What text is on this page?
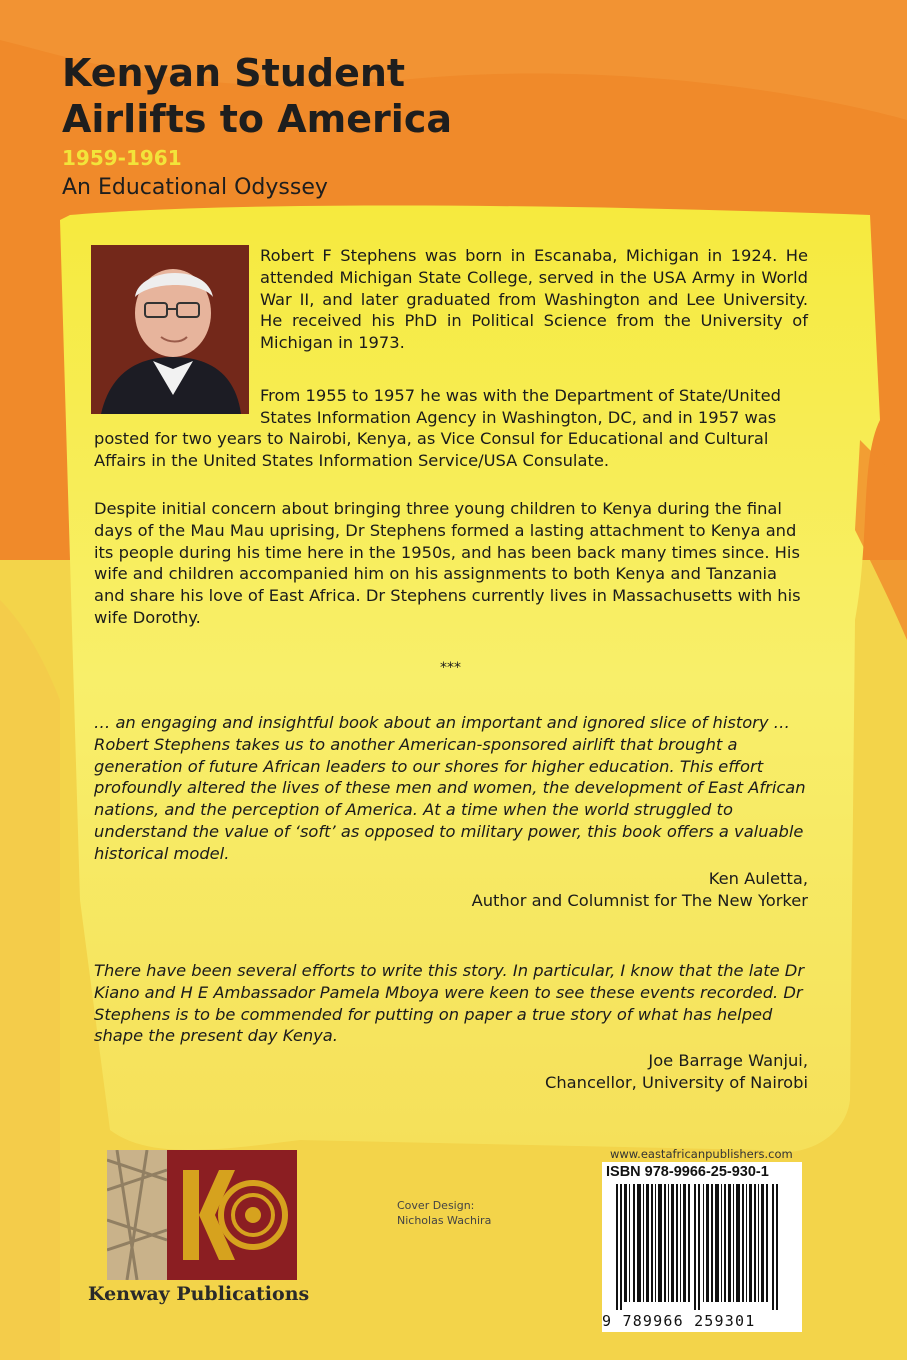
Kenyan Student
Airlifts to America
1959-1961
An Educational Odyssey

Robert F Stephens was born in Escanaba, Michigan in 1924. He attended Michigan State College, served in the USA Army in World War II, and later graduated from Washington and Lee University. He received his PhD in Political Science from the University of Michigan in 1973.

From 1955 to 1957 he was with the Department of State/United States Information Agency in Washington, DC, and in 1957 was

posted for two years to Nairobi, Kenya, as Vice Consul for Educational and Cultural Affairs in the United States Information Service/USA Consulate.

Despite initial concern about bringing three young children to Kenya during the final days of the Mau Mau uprising, Dr Stephens formed a lasting attachment to Kenya and its people during his time here in the 1950s, and has been back many times since. His wife and children accompanied him on his assignments to both Kenya and Tanzania and share his love of East Africa. Dr Stephens currently lives in Massachusetts with his wife Dorothy.

***

… an engaging and insightful book about an important and ignored slice of history … Robert Stephens takes us to another American-sponsored airlift that brought a generation of future African leaders to our shores for higher education. This effort profoundly altered the lives of these men and women, the development of East African nations, and the perception of America. At a time when the world struggled to understand the value of ‘soft’ as opposed to military power, this book offers a valuable historical model.

Ken Auletta,
Author and Columnist for The New Yorker

There have been several efforts to write this story. In particular, I know that the late Dr Kiano and H E Ambassador Pamela Mboya were keen to see these events recorded. Dr Stephens is to be commended for putting on paper a true story of what has helped shape the present day Kenya.

Joe Barrage Wanjui,
Chancellor, University of Nairobi
Kenway Publications
Cover Design:
Nicholas Wachira
www.eastafricanpublishers.com
ISBN 978-9966-25-930-1
9 789966 259301
